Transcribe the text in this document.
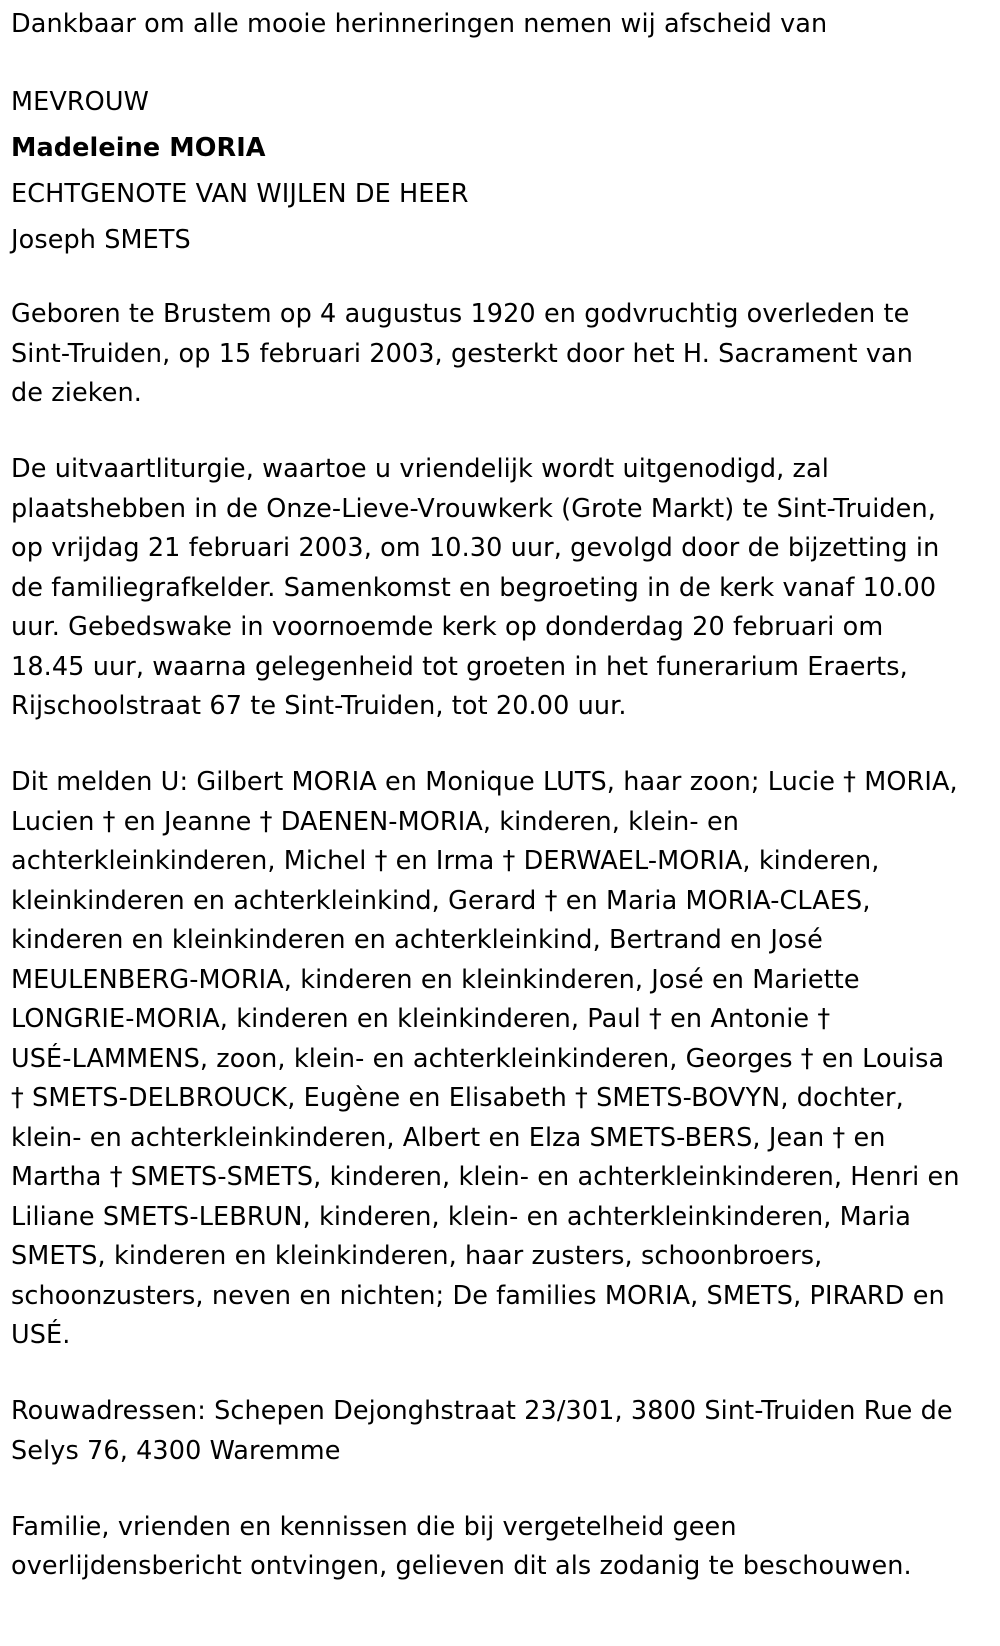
Dankbaar om alle mooie herinneringen nemen wij afscheid van
MEVROUW
Madeleine MORIA
ECHTGENOTE VAN WIJLEN DE HEER
Joseph SMETS
Geboren te Brustem op 4 augustus 1920 en godvruchtig overleden te
Sint-Truiden, op 15 februari 2003, gesterkt door het H. Sacrament van
de zieken.
De uitvaartliturgie, waartoe u vriendelijk wordt uitgenodigd, zal
plaatshebben in de Onze-Lieve-Vrouwkerk (Grote Markt) te Sint-Truiden,
op vrijdag 21 februari 2003, om 10.30 uur, gevolgd door de bijzetting in
de familiegrafkelder. Samenkomst en begroeting in de kerk vanaf 10.00
uur. Gebedswake in voornoemde kerk op donderdag 20 februari om
18.45 uur, waarna gelegenheid tot groeten in het funerarium Eraerts,
Rijschoolstraat 67 te Sint-Truiden, tot 20.00 uur.
Dit melden U: Gilbert MORIA en Monique LUTS, haar zoon; Lucie † MORIA,
Lucien † en Jeanne † DAENEN-MORIA, kinderen, klein- en
achterkleinkinderen, Michel † en Irma † DERWAEL-MORIA, kinderen,
kleinkinderen en achterkleinkind, Gerard † en Maria MORIA-CLAES,
kinderen en kleinkinderen en achterkleinkind, Bertrand en José
MEULENBERG-MORIA, kinderen en kleinkinderen, José en Mariette
LONGRIE-MORIA, kinderen en kleinkinderen, Paul † en Antonie †
USÉ-LAMMENS, zoon, klein- en achterkleinkinderen, Georges † en Louisa
† SMETS-DELBROUCK, Eugène en Elisabeth † SMETS-BOVYN, dochter,
klein- en achterkleinkinderen, Albert en Elza SMETS-BERS, Jean † en
Martha † SMETS-SMETS, kinderen, klein- en achterkleinkinderen, Henri en
Liliane SMETS-LEBRUN, kinderen, klein- en achterkleinkinderen, Maria
SMETS, kinderen en kleinkinderen, haar zusters, schoonbroers,
schoonzusters, neven en nichten; De families MORIA, SMETS, PIRARD en
USÉ.
Rouwadressen: Schepen Dejonghstraat 23/301, 3800 Sint-Truiden Rue de
Selys 76, 4300 Waremme
Familie, vrienden en kennissen die bij vergetelheid geen
overlijdensbericht ontvingen, gelieven dit als zodanig te beschouwen.
